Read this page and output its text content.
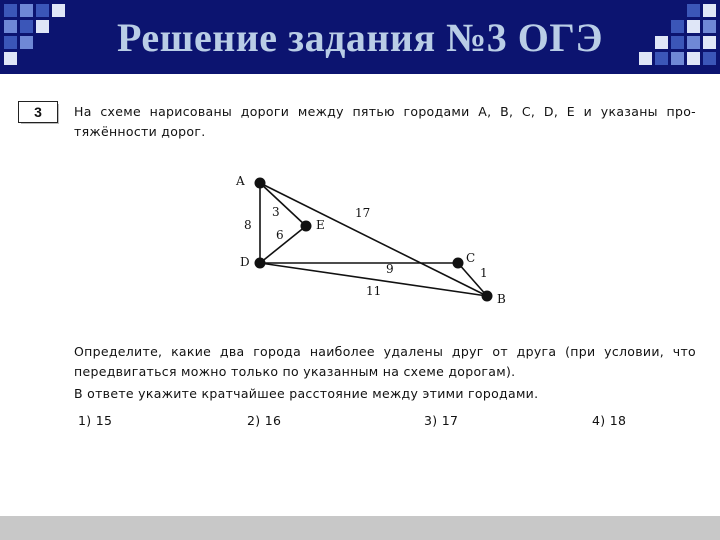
Решение задания №3 ОГЭ
3	На схеме нарисованы дороги между пятью городами A, B, C, D, E и указаны про-
тяжённости дорог.
A
E
D	C
B
8
3
6
17
9
11
1
Определите, какие два города наиболее удалены друг от друга (при условии, что
передвигаться можно только по указанным на схеме дорогам).
В ответе укажите кратчайшее расстояние между этими городами.
1) 15	2) 16	3) 17	4) 18
